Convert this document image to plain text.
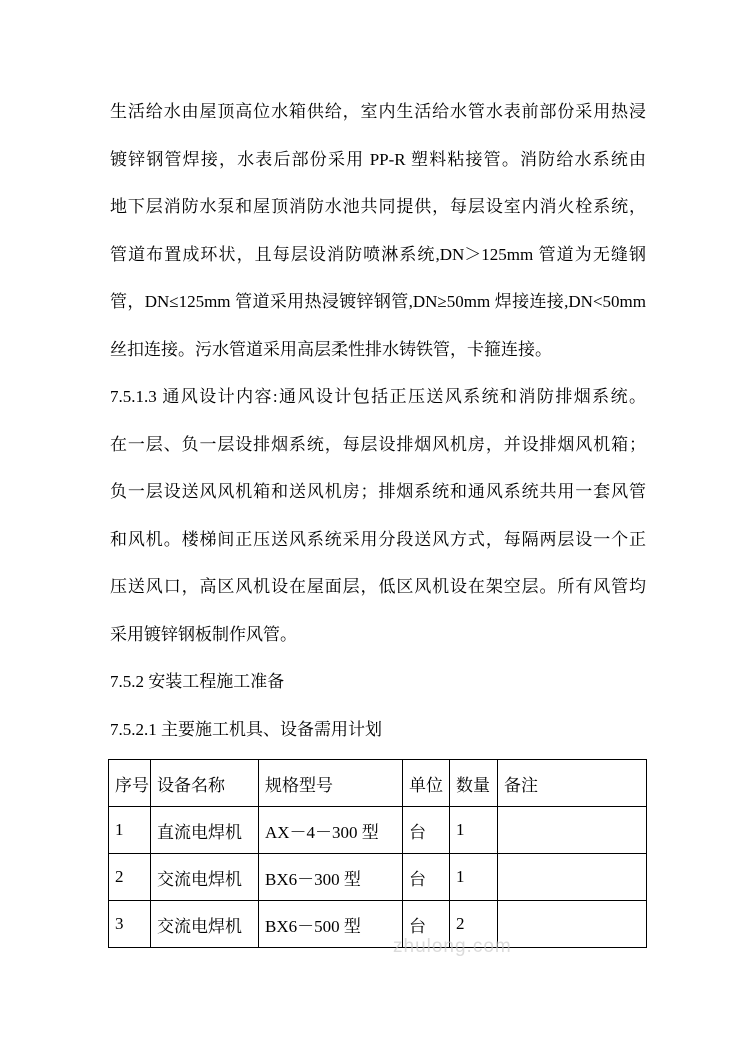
生活给水由屋顶高位水箱供给，室内生活给水管水表前部份采用热浸
镀锌钢管焊接，水表后部份采用 PP-R 塑料粘接管。消防给水系统由
地下层消防水泵和屋顶消防水池共同提供，每层设室内消火栓系统，
管道布置成环状，且每层设消防喷淋系统,DN＞125mm 管道为无缝钢
管，DN≤125mm 管道采用热浸镀锌钢管,DN≥50mm 焊接连接,DN<50mm
丝扣连接。污水管道采用高层柔性排水铸铁管，卡箍连接。
7.5.1.3 通风设计内容:通风设计包括正压送风系统和消防排烟系统。
在一层、负一层设排烟系统，每层设排烟风机房，并设排烟风机箱；
负一层设送风风机箱和送风机房；排烟系统和通风系统共用一套风管
和风机。楼梯间正压送风系统采用分段送风方式，每隔两层设一个正
压送风口，高区风机设在屋面层，低区风机设在架空层。所有风管均
采用镀锌钢板制作风管。
7.5.2 安装工程施工准备
7.5.2.1 主要施工机具、设备需用计划
序号	设备名称	规格型号	单位	数量	备注
1	直流电焊机	AX－4－300 型	台	1	
2	交流电焊机	BX6－300 型	台	1	
3	交流电焊机	BX6－500 型	台	2	
zhulong.com
